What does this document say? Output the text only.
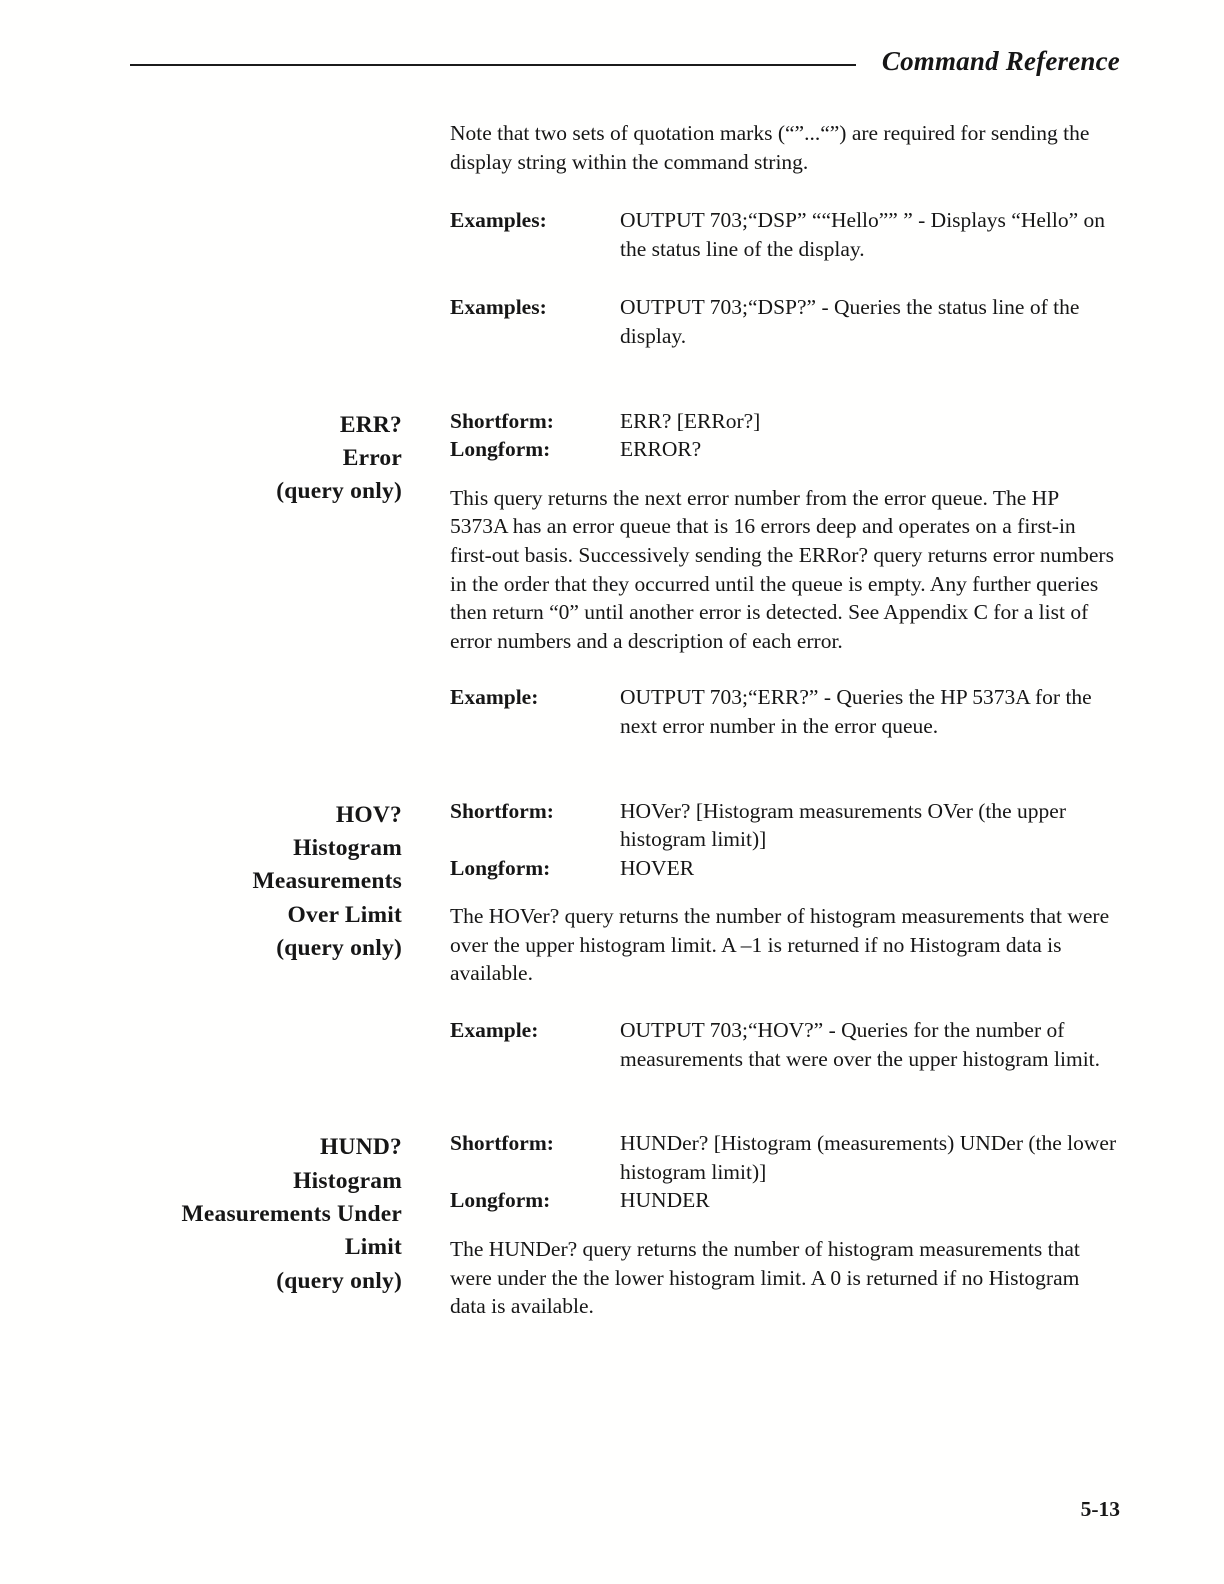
Command Reference

Note that two sets of quotation marks (“”...“”) are required for sending the display string within the command string.

Examples:	OUTPUT 703;“DSP” ““Hello”” ” - Displays “Hello” on the status line of the display.
Examples:	OUTPUT 703;“DSP?” - Queries the status line of the display.
ERR?
Error
(query only)
Shortform:	ERR? [ERRor?]
Longform:	ERROR?

This query returns the next error number from the error queue. The HP 5373A has an error queue that is 16 errors deep and operates on a first-in first-out basis. Successively sending the ERRor? query returns error numbers in the order that they occurred until the queue is empty. Any further queries then return “0” until another error is detected. See Appendix C for a list of error numbers and a description of each error.

Example:	OUTPUT 703;“ERR?” - Queries the HP 5373A for the next error number in the error queue.
HOV?
Histogram
Measurements
Over Limit
(query only)
Shortform:	HOVer? [Histogram measurements OVer (the upper histogram limit)]
Longform:	HOVER

The HOVer? query returns the number of histogram measurements that were over the upper histogram limit. A –1 is returned if no Histogram data is available.

Example:	OUTPUT 703;“HOV?” - Queries for the number of measurements that were over the upper histogram limit.
HUND?
Histogram
Measurements Under
Limit
(query only)
Shortform:	HUNDer? [Histogram (measurements) UNDer (the lower histogram limit)]
Longform:	HUNDER

The HUNDer? query returns the number of histogram measurements that were under the the lower histogram limit. A 0 is returned if no Histogram data is available.

5-13
